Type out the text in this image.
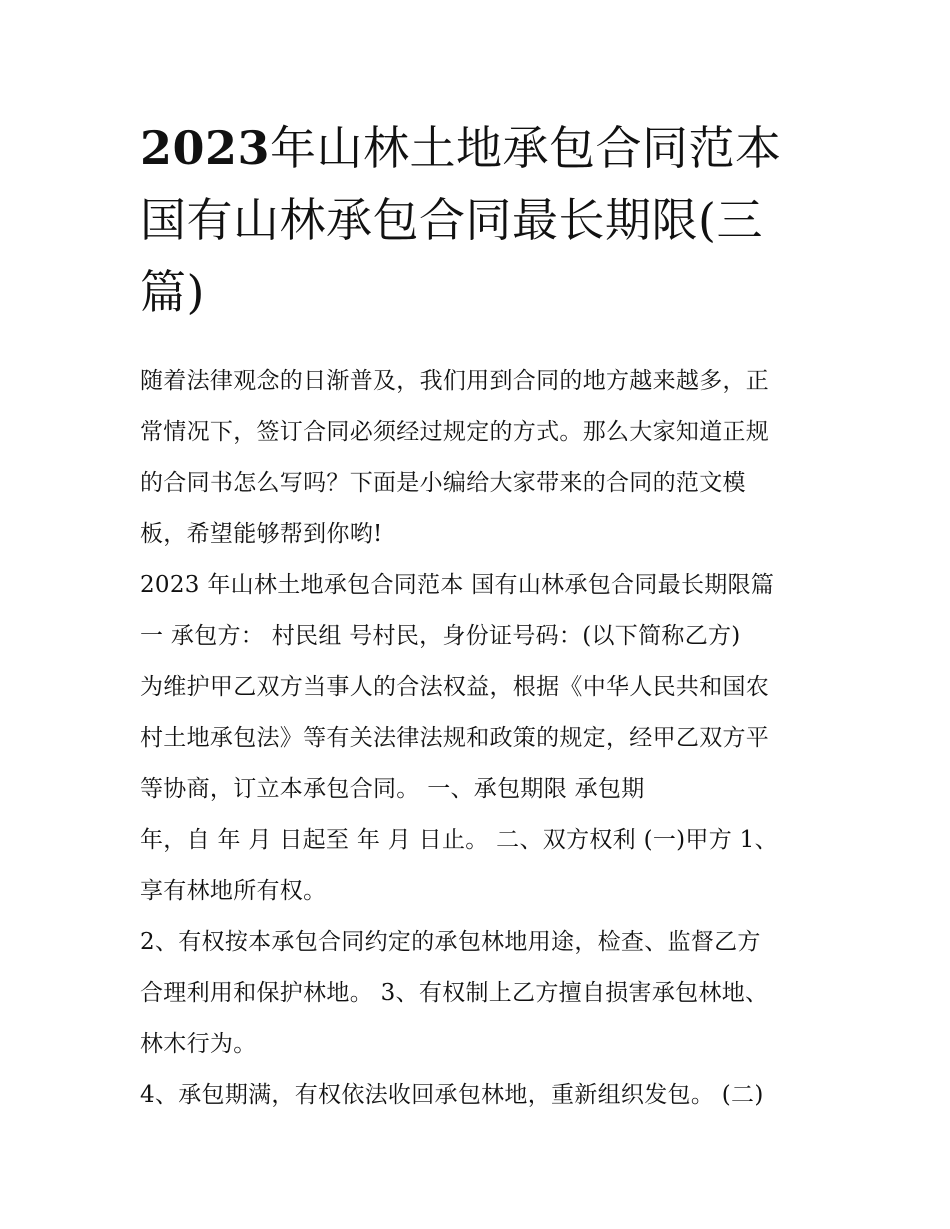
2023年山林土地承包合同范本
国有山林承包合同最长期限(三
篇)
随着法律观念的日渐普及，我们用到合同的地方越来越多，正
常情况下，签订合同必须经过规定的方式。那么大家知道正规
的合同书怎么写吗？下面是小编给大家带来的合同的范文模
板，希望能够帮到你哟!
2023 年山林土地承包合同范本 国有山林承包合同最长期限篇
一 承包方： 村民组 号村民，身份证号码：(以下简称乙方)
为维护甲乙双方当事人的合法权益，根据《中华人民共和国农
村土地承包法》等有关法律法规和政策的规定，经甲乙双方平
等协商，订立本承包合同。 一、承包期限 承包期
年，自 年 月 日起至 年 月 日止。 二、双方权利 (一)甲方 1、
享有林地所有权。
2、有权按本承包合同约定的承包林地用途，检查、监督乙方
合理利用和保护林地。 3、有权制上乙方擅自损害承包林地、
林木行为。
4、承包期满，有权依法收回承包林地，重新组织发包。 (二)
